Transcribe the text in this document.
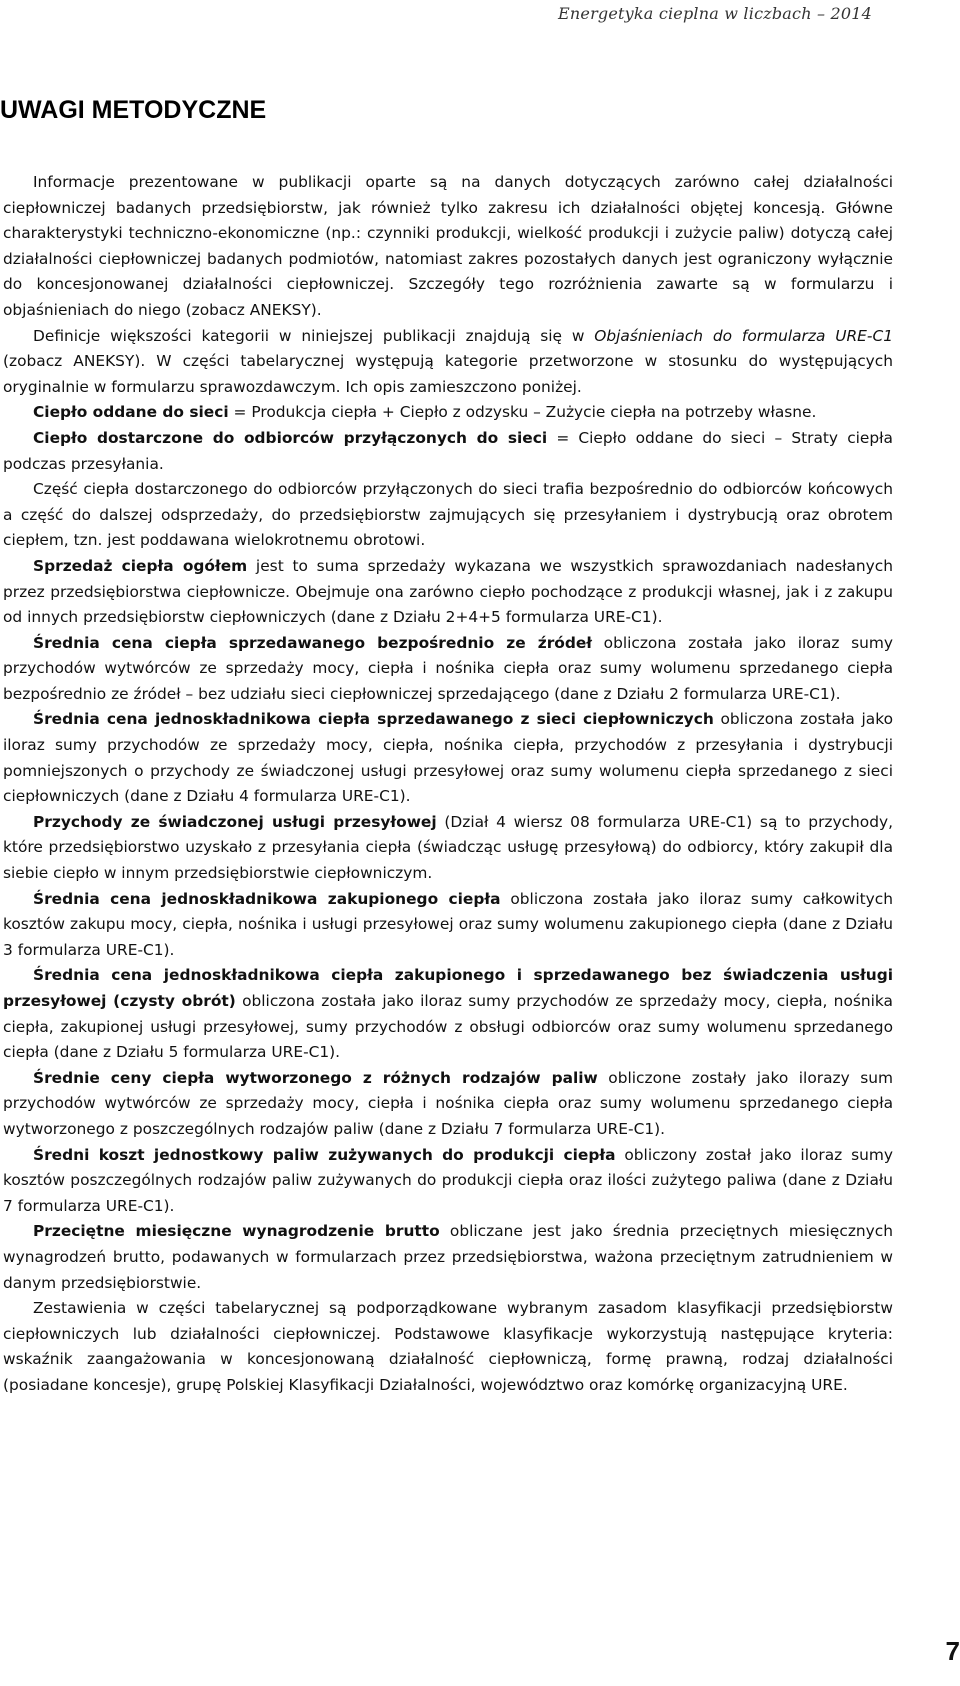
Energetyka cieplna w liczbach – 2014
UWAGI METODYCZNE

Informacje prezentowane w publikacji oparte są na danych dotyczących zarówno całej działalności ciepłowniczej badanych przedsiębiorstw, jak również tylko zakresu ich działalności objętej koncesją. Główne charakterystyki techniczno-ekonomiczne (np.: czynniki produkcji, wielkość produkcji i zużycie paliw) dotyczą całej działalności ciepłowniczej badanych podmiotów, natomiast zakres pozostałych danych jest ograniczony wyłącznie do koncesjonowanej działalności ciepłowniczej. Szczegóły tego rozróżnienia zawarte są w formularzu i objaśnieniach do niego (zobacz ANEKSY).

Definicje większości kategorii w niniejszej publikacji znajdują się w Objaśnieniach do formularza URE-C1 (zobacz ANEKSY). W części tabelarycznej występują kategorie przetworzone w stosunku do występujących oryginalnie w formularzu sprawozdawczym. Ich opis zamieszczono poniżej.

Ciepło oddane do sieci = Produkcja ciepła + Ciepło z odzysku – Zużycie ciepła na potrzeby własne.

Ciepło dostarczone do odbiorców przyłączonych do sieci = Ciepło oddane do sieci – Straty ciepła podczas przesyłania.

Część ciepła dostarczonego do odbiorców przyłączonych do sieci trafia bezpośrednio do odbiorców końcowych a część do dalszej odsprzedaży, do przedsiębiorstw zajmujących się przesyłaniem i dystrybucją oraz obrotem ciepłem, tzn. jest poddawana wielokrotnemu obrotowi.

Sprzedaż ciepła ogółem jest to suma sprzedaży wykazana we wszystkich sprawozdaniach nadesłanych przez przedsiębiorstwa ciepłownicze. Obejmuje ona zarówno ciepło pochodzące z produkcji własnej, jak i z zakupu od innych przedsiębiorstw ciepłowniczych (dane z Działu 2+4+5 formularza URE-C1).

Średnia cena ciepła sprzedawanego bezpośrednio ze źródeł obliczona została jako iloraz sumy przychodów wytwórców ze sprzedaży mocy, ciepła i nośnika ciepła oraz sumy wolumenu sprzedanego ciepła bezpośrednio ze źródeł – bez udziału sieci ciepłowniczej sprzedającego (dane z Działu 2 formularza URE-C1).

Średnia cena jednoskładnikowa ciepła sprzedawanego z sieci ciepłowniczych obliczona została jako iloraz sumy przychodów ze sprzedaży mocy, ciepła, nośnika ciepła, przychodów z przesyłania i dystrybucji pomniejszonych o przychody ze świadczonej usługi przesyłowej oraz sumy wolumenu ciepła sprzedanego z sieci ciepłowniczych (dane z Działu 4 formularza URE-C1).

Przychody ze świadczonej usługi przesyłowej (Dział 4 wiersz 08 formularza URE-C1) są to przychody, które przedsiębiorstwo uzyskało z przesyłania ciepła (świadcząc usługę przesyłową) do odbiorcy, który zakupił dla siebie ciepło w innym przedsiębiorstwie ciepłowniczym.

Średnia cena jednoskładnikowa zakupionego ciepła obliczona została jako iloraz sumy całkowitych kosztów zakupu mocy, ciepła, nośnika i usługi przesyłowej oraz sumy wolumenu zakupionego ciepła (dane z Działu 3 formularza URE-C1).

Średnia cena jednoskładnikowa ciepła zakupionego i sprzedawanego bez świadczenia usługi przesyłowej (czysty obrót) obliczona została jako iloraz sumy przychodów ze sprzedaży mocy, ciepła, nośnika ciepła, zakupionej usługi przesyłowej, sumy przychodów z obsługi odbiorców oraz sumy wolumenu sprzedanego ciepła (dane z Działu 5 formularza URE-C1).

Średnie ceny ciepła wytworzonego z różnych rodzajów paliw obliczone zostały jako ilorazy sum przychodów wytwórców ze sprzedaży mocy, ciepła i nośnika ciepła oraz sumy wolumenu sprzedanego ciepła wytworzonego z poszczególnych rodzajów paliw (dane z Działu 7 formularza URE-C1).

Średni koszt jednostkowy paliw zużywanych do produkcji ciepła obliczony został jako iloraz sumy kosztów poszczególnych rodzajów paliw zużywanych do produkcji ciepła oraz ilości zużytego paliwa (dane z Działu 7 formularza URE-C1).

Przeciętne miesięczne wynagrodzenie brutto obliczane jest jako średnia przeciętnych miesięcznych wynagrodzeń brutto, podawanych w formularzach przez przedsiębiorstwa, ważona przeciętnym zatrudnieniem w danym przedsiębiorstwie.

Zestawienia w części tabelarycznej są podporządkowane wybranym zasadom klasyfikacji przedsiębiorstw ciepłowniczych lub działalności ciepłowniczej. Podstawowe klasyfikacje wykorzystują następujące kryteria: wskaźnik zaangażowania w koncesjonowaną działalność ciepłowniczą, formę prawną, rodzaj działalności (posiadane koncesje), grupę Polskiej Klasyfikacji Działalności, województwo oraz komórkę organizacyjną URE.

7
